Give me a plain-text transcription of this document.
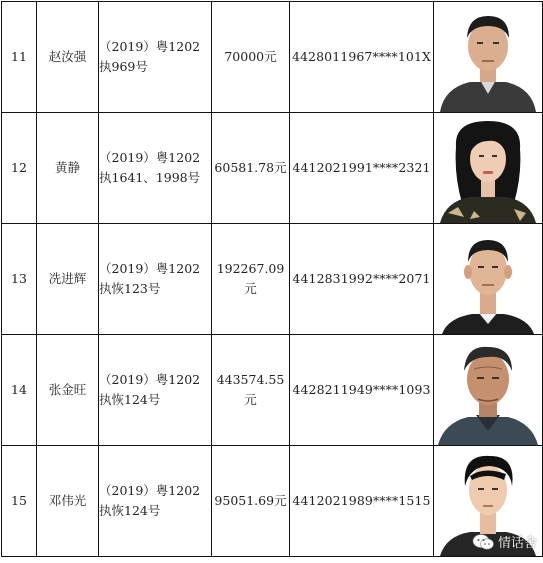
11	赵汝强	（2019）粤1202执969号	70000元	4428011967****101X	

12	黄静	（2019）粤1202执1641、1998号	60581.78元	4412021991****2321	

13	冼进辉	（2019）粤1202执恢123号	192267.09元	4412831992****2071	

14	张金旺	（2019）粤1202执恢124号	443574.55元	4428211949****1093	

15	邓伟光	（2019）粤1202执恢124号	95051.69元	4412021989****1515	
情话舍
